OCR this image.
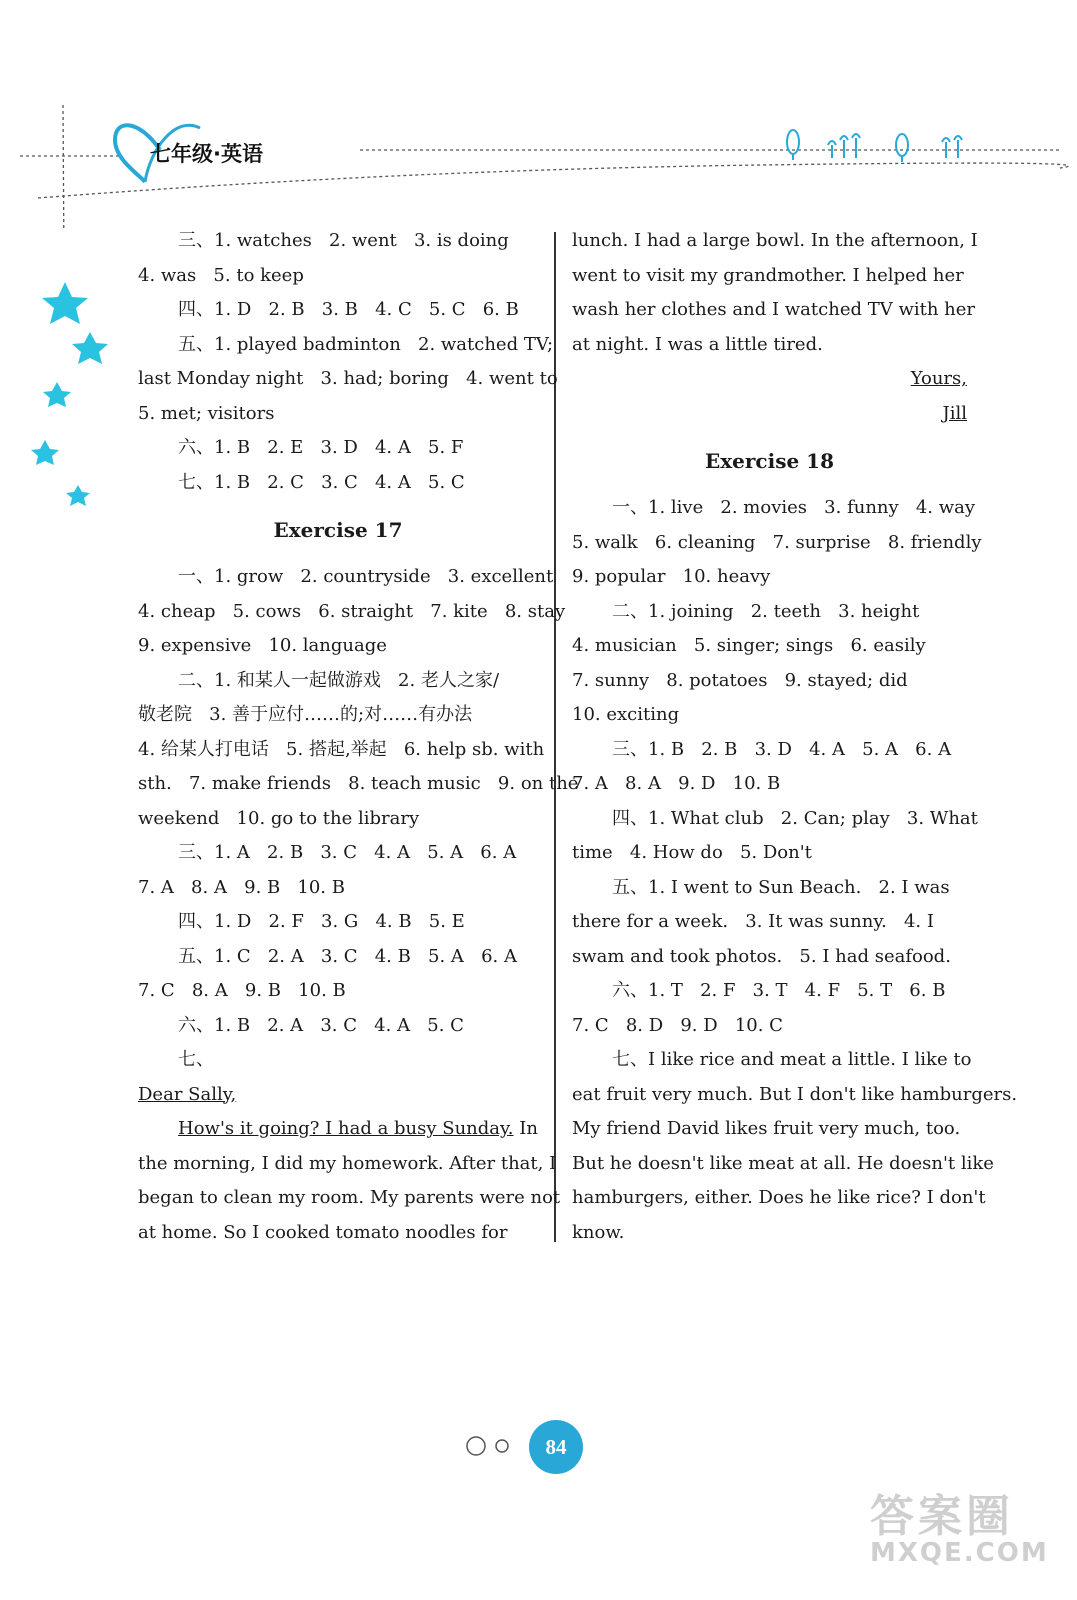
七年级·英语
三、1. watches   2. went   3. is doing
4. was   5. to keep
四、1. D   2. B   3. B   4. C   5. C   6. B
五、1. played badminton   2. watched TV;
last Monday night   3. had; boring   4. went to
5. met; visitors
六、1. B   2. E   3. D   4. A   5. F
七、1. B   2. C   3. C   4. A   5. C
Exercise 17
一、1. grow   2. countryside   3. excellent
4. cheap   5. cows   6. straight   7. kite   8. stay
9. expensive   10. language
二、1. 和某人一起做游戏   2. 老人之家/
敬老院   3. 善于应付……的;对……有办法
4. 给某人打电话   5. 搭起,举起   6. help sb. with
sth.   7. make friends   8. teach music   9. on the
weekend   10. go to the library
三、1. A   2. B   3. C   4. A   5. A   6. A
7. A   8. A   9. B   10. B
四、1. D   2. F   3. G   4. B   5. E
五、1. C   2. A   3. C   4. B   5. A   6. A
7. C   8. A   9. B   10. B
六、1. B   2. A   3. C   4. A   5. C
七、
Dear Sally,
How's it going? I had a busy Sunday. In
the morning, I did my homework. After that, I
began to clean my room. My parents were not
at home. So I cooked tomato noodles for
lunch. I had a large bowl. In the afternoon, I
went to visit my grandmother. I helped her
wash her clothes and I watched TV with her
at night. I was a little tired.
Yours,
Jill
Exercise 18
一、1. live   2. movies   3. funny   4. way
5. walk   6. cleaning   7. surprise   8. friendly
9. popular   10. heavy
二、1. joining   2. teeth   3. height
4. musician   5. singer; sings   6. easily
7. sunny   8. potatoes   9. stayed; did
10. exciting
三、1. B   2. B   3. D   4. A   5. A   6. A
7. A   8. A   9. D   10. B
四、1. What club   2. Can; play   3. What
time   4. How do   5. Don't
五、1. I went to Sun Beach.   2. I was
there for a week.   3. It was sunny.   4. I
swam and took photos.   5. I had seafood.
六、1. T   2. F   3. T   4. F   5. T   6. B
7. C   8. D   9. D   10. C
七、I like rice and meat a little. I like to
eat fruit very much. But I don't like hamburgers.
My friend David likes fruit very much, too.
But he doesn't like meat at all. He doesn't like
hamburgers, either. Does he like rice? I don't
know.
84
答案圈
MXQE.COM
